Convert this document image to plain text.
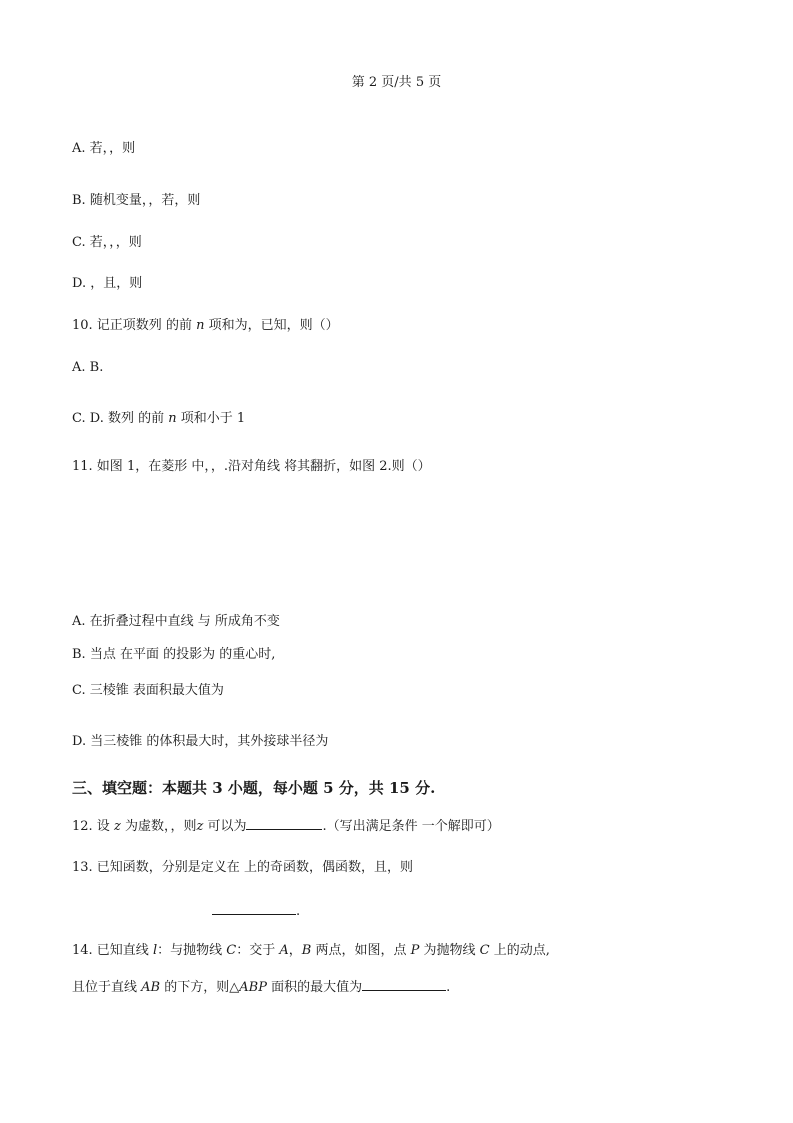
第 2 页/共 5 页
A. 若，，则
B. 随机变量，，若，则
C. 若，，，则
D. ，且，则
10. 记正项数列 的前 n 项和为，已知，则（）
A. B.
C. D. 数列 的前 n 项和小于 1
11. 如图 1，在菱形 中，，.沿对角线 将其翻折，如图 2.则（）
A. 在折叠过程中直线 与 所成角不变
B. 当点 在平面 的投影为 的重心时,
C. 三棱锥 表面积最大值为
D. 当三棱锥 的体积最大时，其外接球半径为
三、填空题：本题共 3 小题，每小题 5 分，共 15 分.
12. 设 z 为虚数，，则z 可以为	.（写出满足条件 一个解即可）
13. 已知函数，分别是定义在 上的奇函数，偶函数，且，则
.
14. 已知直线 l：与抛物线 C：交于 A，B 两点，如图，点 P 为抛物线 C 上的动点,
且位于直线 AB 的下方，则△ABP 面积的最大值为	.
